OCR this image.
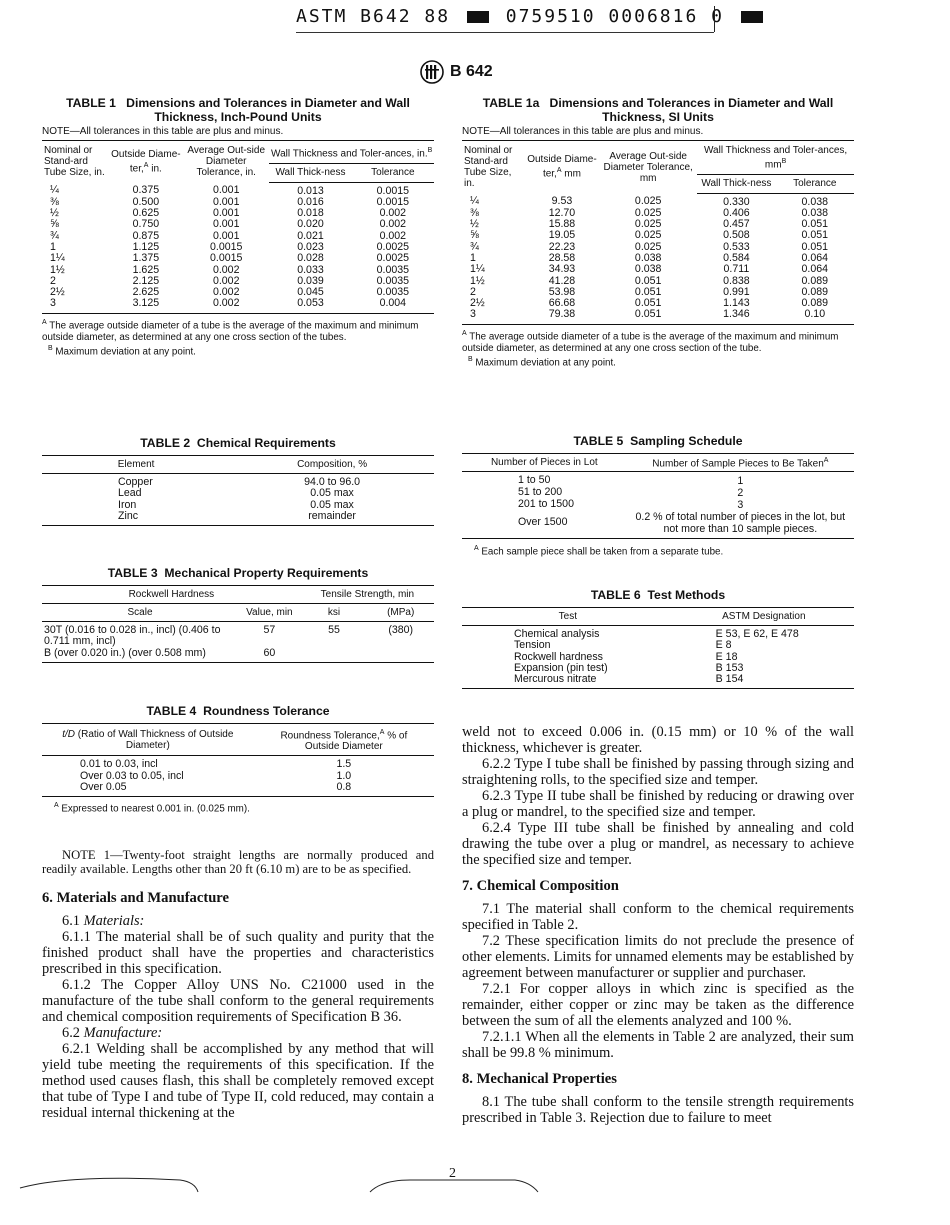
ASTM B642 88	0759510 0006816 0
B 642
TABLE 1 Dimensions and Tolerances in Diameter and Wall Thickness, Inch-Pound Units
NOTE—All tolerances in this table are plus and minus.
Nominal or Stand-ard Tube Size, in.	Outside Diame-ter,$^A$ in.	Average Out-side Diameter Tolerance, in.	Wall Thickness and Toler-ances, in.$^B$
			Wall Thick-ness	Tolerance
¼	0.375	0.001	0.013	0.0015
⅜	0.500	0.001	0.016	0.0015
½	0.625	0.001	0.018	0.002
⅝	0.750	0.001	0.020	0.002
¾	0.875	0.001	0.021	0.002
1	1.125	0.0015	0.023	0.0025
1¼	1.375	0.0015	0.028	0.0025
1½	1.625	0.002	0.033	0.0035
2	2.125	0.002	0.039	0.0035
2½	2.625	0.002	0.045	0.0035
3	3.125	0.002	0.053	0.004

$^A$ The average outside diameter of a tube is the average of the maximum and minimum outside diameter, as determined at any one cross section of the tubes.

$^B$ Maximum deviation at any point.

TABLE 2 Chemical Requirements
Element	Composition, %
Copper	94.0 to 96.0
Lead	0.05 max
Iron	0.05 max
Zinc	remainder
TABLE 3 Mechanical Property Requirements
Rockwell Hardness		Tensile Strength, min	
Scale	Value, min	ksi	(MPa)
30T (0.016 to 0.028 in., incl) (0.406 to 0.711 mm, incl)	57	55	(380)
B (over 0.020 in.) (over 0.508 mm)	60		
TABLE 4 Roundness Tolerance
t/D (Ratio of Wall Thickness of Outside Diameter)	Roundness Tolerance,$^A$ % of Outside Diameter
0.01 to 0.03, incl	1.5
Over 0.03 to 0.05, incl	1.0
Over 0.05	0.8

$^A$ Expressed to nearest 0.001 in. (0.025 mm).

NOTE 1—Twenty-foot straight lengths are normally produced and readily available. Lengths other than 20 ft (6.10 m) are to be as specified.

6. Materials and Manufacture

6.1 Materials:

6.1.1 The material shall be of such quality and purity that the finished product shall have the properties and characteristics prescribed in this specification.

6.1.2 The Copper Alloy UNS No. C21000 used in the manufacture of the tube shall conform to the general requirements and chemical composition requirements of Specification B 36.

6.2 Manufacture:

6.2.1 Welding shall be accomplished by any method that will yield tube meeting the requirements of this specification. If the method used causes flash, this shall be completely removed except that tube of Type I and tube of Type II, cold reduced, may contain a residual internal thickening at the

TABLE 1a Dimensions and Tolerances in Diameter and Wall Thickness, SI Units
NOTE—All tolerances in this table are plus and minus.
Nominal or Stand-ard Tube Size, in.	Outside Diame-ter,$^A$ mm	Average Out-side Diameter Tolerance, mm	Wall Thickness and Toler-ances, $mm^B$
			Wall Thick-ness	Tolerance
¼	9.53	0.025	0.330	0.038
⅜	12.70	0.025	0.406	0.038
½	15.88	0.025	0.457	0.051
⅝	19.05	0.025	0.508	0.051
¾	22.23	0.025	0.533	0.051
1	28.58	0.038	0.584	0.064
1¼	34.93	0.038	0.711	0.064
1½	41.28	0.051	0.838	0.089
2	53.98	0.051	0.991	0.089
2½	66.68	0.051	1.143	0.089
3	79.38	0.051	1.346	0.10

$^A$ The average outside diameter of a tube is the average of the maximum and minimum outside diameter, as determined at any one cross section of the tube.

$^B$ Maximum deviation at any point.

TABLE 5 Sampling Schedule
Number of Pieces in Lot	Number of Sample Pieces to Be Taken$^A$
1 to 50	1
51 to 200	2
201 to 1500	3
Over 1500	0.2 % of total number of pieces in the lot, but not more than 10 sample pieces.

$^A$ Each sample piece shall be taken from a separate tube.

TABLE 6 Test Methods
Test	ASTM Designation
Chemical analysis	E 53, E 62, E 478
Tension	E 8
Rockwell hardness	E 18
Expansion (pin test)	B 153
Mercurous nitrate	B 154

weld not to exceed 0.006 in. (0.15 mm) or 10 % of the wall thickness, whichever is greater.

6.2.2 Type I tube shall be finished by passing through sizing and straightening rolls, to the specified size and temper.

6.2.3 Type II tube shall be finished by reducing or drawing over a plug or mandrel, to the specified size and temper.

6.2.4 Type III tube shall be finished by annealing and cold drawing the tube over a plug or mandrel, as necessary to achieve the specified size and temper.

7. Chemical Composition

7.1 The material shall conform to the chemical requirements specified in Table 2.

7.2 These specification limits do not preclude the presence of other elements. Limits for unnamed elements may be established by agreement between manufacturer or supplier and purchaser.

7.2.1 For copper alloys in which zinc is specified as the remainder, either copper or zinc may be taken as the difference between the sum of all the elements analyzed and 100 %.

7.2.1.1 When all the elements in Table 2 are analyzed, their sum shall be 99.8 % minimum.

8. Mechanical Properties

8.1 The tube shall conform to the tensile strength requirements prescribed in Table 3. Rejection due to failure to meet

2
